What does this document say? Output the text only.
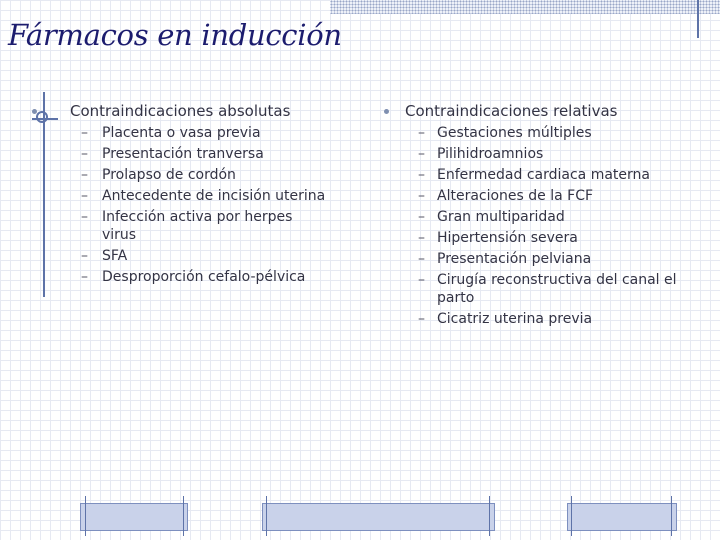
Fármacos en inducción
Contraindicaciones absolutas
– Placenta o vasa previa
– Presentación tranversa
– Prolapso de cordón
– Antecedente de incisión uterina
– Infección activa por herpes virus
– SFA
– Desproporción cefalo-pélvica
Contraindicaciones relativas
– Gestaciones múltiples
– Pilihidroamnios
– Enfermedad cardiaca materna
– Alteraciones de la FCF
– Gran multiparidad
– Hipertensión severa
– Presentación pelviana
– Cirugía reconstructiva del canal el parto
– Cicatriz uterina previa
